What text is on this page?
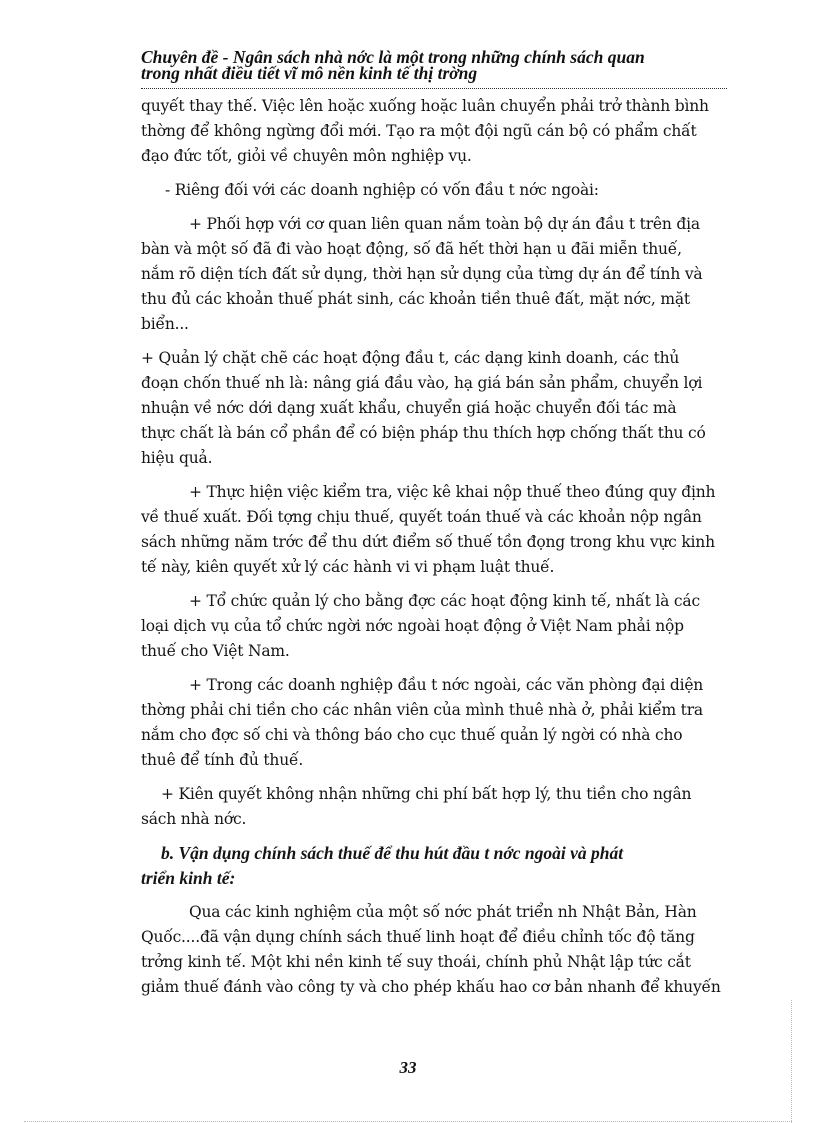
Chuyên đề - Ngân sách nhà nớc là một trong những chính sách quan
trong nhất điều tiết vĩ mô nền kinh tế thị trờng
quyết thay thế. Việc lên hoặc xuống hoặc luân chuyển phải trở thành bình
thờng để không ngừng đổi mới. Tạo ra một đội ngũ cán bộ có phẩm chất
đạo đức tốt, giỏi về chuyên môn nghiệp vụ.
- Riêng đối với các doanh nghiệp có vốn đầu t nớc ngoài:
+ Phối hợp với cơ quan liên quan nắm toàn bộ dự án đầu t trên địa
bàn và một số đã đi vào hoạt động, số đã hết thời hạn u đãi miễn thuế,
nắm rõ diện tích đất sử dụng, thời hạn sử dụng của từng dự án để tính và
thu đủ các khoản thuế phát sinh, các khoản tiền thuê đất, mặt nớc, mặt
biển...
+ Quản lý chặt chẽ các hoạt động đầu t, các dạng kinh doanh, các thủ
đoạn chốn thuế nh là: nâng giá đầu vào, hạ giá bán sản phẩm, chuyển lợi
nhuận về nớc dới dạng xuất khẩu, chuyển giá hoặc chuyển đối tác mà
thực chất là bán cổ phần để có biện pháp thu thích hợp chống thất thu có
hiệu quả.
+ Thực hiện việc kiểm tra, việc kê khai nộp thuế theo đúng quy định
về thuế xuất. Đối tợng chịu thuế, quyết toán thuế và các khoản nộp ngân
sách những năm trớc để thu dứt điểm số thuế tồn đọng trong khu vực kinh
tế này, kiên quyết xử lý các hành vi vi phạm luật thuế.
+ Tổ chức quản lý cho bằng đợc các hoạt động kinh tế, nhất là các
loại dịch vụ của tổ chức ngời nớc ngoài hoạt động ở Việt Nam phải nộp
thuế cho Việt Nam.
+ Trong các doanh nghiệp đầu t nớc ngoài, các văn phòng đại diện
thờng phải chi tiền cho các nhân viên của mình thuê nhà ở, phải kiểm tra
nắm cho đợc số chi và thông báo cho cục thuế quản lý ngời có nhà cho
thuê để tính đủ thuế.
+ Kiên quyết không nhận những chi phí bất hợp lý, thu tiền cho ngân
sách nhà nớc.
b. Vận dụng chính sách thuế để thu hút đầu t nớc ngoài và phát
triển kinh tế:
Qua các kinh nghiệm của một số nớc phát triển nh Nhật Bản, Hàn
Quốc....đã vận dụng chính sách thuế linh hoạt để điều chỉnh tốc độ tăng
trởng kinh tế. Một khi nền kinh tế suy thoái, chính phủ Nhật lập tức cắt
giảm thuế đánh vào công ty và cho phép khấu hao cơ bản nhanh để khuyến
33
